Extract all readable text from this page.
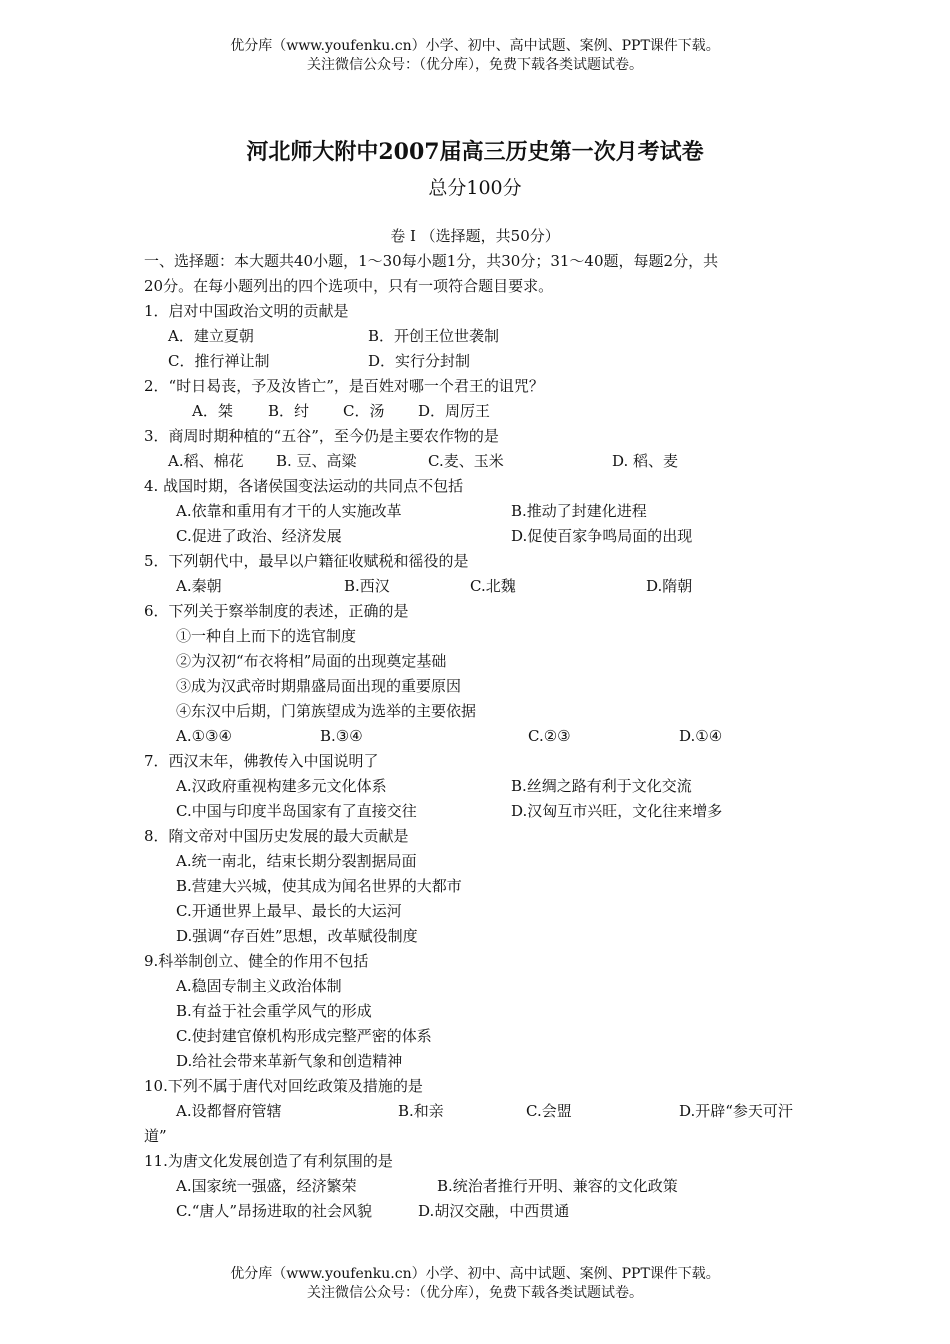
优分库（www.youfenku.cn）小学、初中、高中试题、案例、PPT课件下载。
关注微信公众号：（优分库），免费下载各类试题试卷。
河北师大附中2007届高三历史第一次月考试卷
总分100分
卷 I （选择题，共50分）
一、选择题：本大题共40小题，1～30每小题1分，共30分；31～40题，每题2分，共
20分。在每小题列出的四个选项中，只有一项符合题目要求。
1．启对中国政治文明的贡献是
A．建立夏朝	B．开创王位世袭制
C．推行禅让制	D．实行分封制
2．“时日曷丧，予及汝皆亡”，是百姓对哪一个君王的诅咒？
A．桀 B．纣 C．汤 D．周厉王
3．商周时期种植的“五谷”，至今仍是主要农作物的是
A.稻、棉花 B. 豆、高粱	C.麦、玉米	D. 稻、麦
4. 战国时期，各诸侯国变法运动的共同点不包括
A.依靠和重用有才干的人实施改革	B.推动了封建化进程
C.促进了政治、经济发展	D.促使百家争鸣局面的出现
5．下列朝代中，最早以户籍征收赋税和徭役的是
A.秦朝	B.西汉	C.北魏	D.隋朝
6．下列关于察举制度的表述，正确的是
①一种自上而下的选官制度
②为汉初“布衣将相”局面的出现奠定基础
③成为汉武帝时期鼎盛局面出现的重要原因
④东汉中后期，门第族望成为选举的主要依据
A.①③④	B.③④	C.②③	D.①④
7．西汉末年，佛教传入中国说明了
A.汉政府重视构建多元文化体系	B.丝绸之路有利于文化交流
C.中国与印度半岛国家有了直接交往	D.汉匈互市兴旺，文化往来增多
8．隋文帝对中国历史发展的最大贡献是
A.统一南北，结束长期分裂割据局面
B.营建大兴城，使其成为闻名世界的大都市
C.开通世界上最早、最长的大运河
D.强调“存百姓”思想，改革赋役制度
9.科举制创立、健全的作用不包括
A.稳固专制主义政治体制
B.有益于社会重学风气的形成
C.使封建官僚机构形成完整严密的体系
D.给社会带来革新气象和创造精神
10.下列不属于唐代对回纥政策及措施的是
A.设都督府管辖	B.和亲	C.会盟	D.开辟“参天可汗
道”
11.为唐文化发展创造了有利氛围的是
A.国家统一强盛，经济繁荣	B.统治者推行开明、兼容的文化政策
C.“唐人”昂扬进取的社会风貌	D.胡汉交融，中西贯通
优分库（www.youfenku.cn）小学、初中、高中试题、案例、PPT课件下载。
关注微信公众号：（优分库），免费下载各类试题试卷。
